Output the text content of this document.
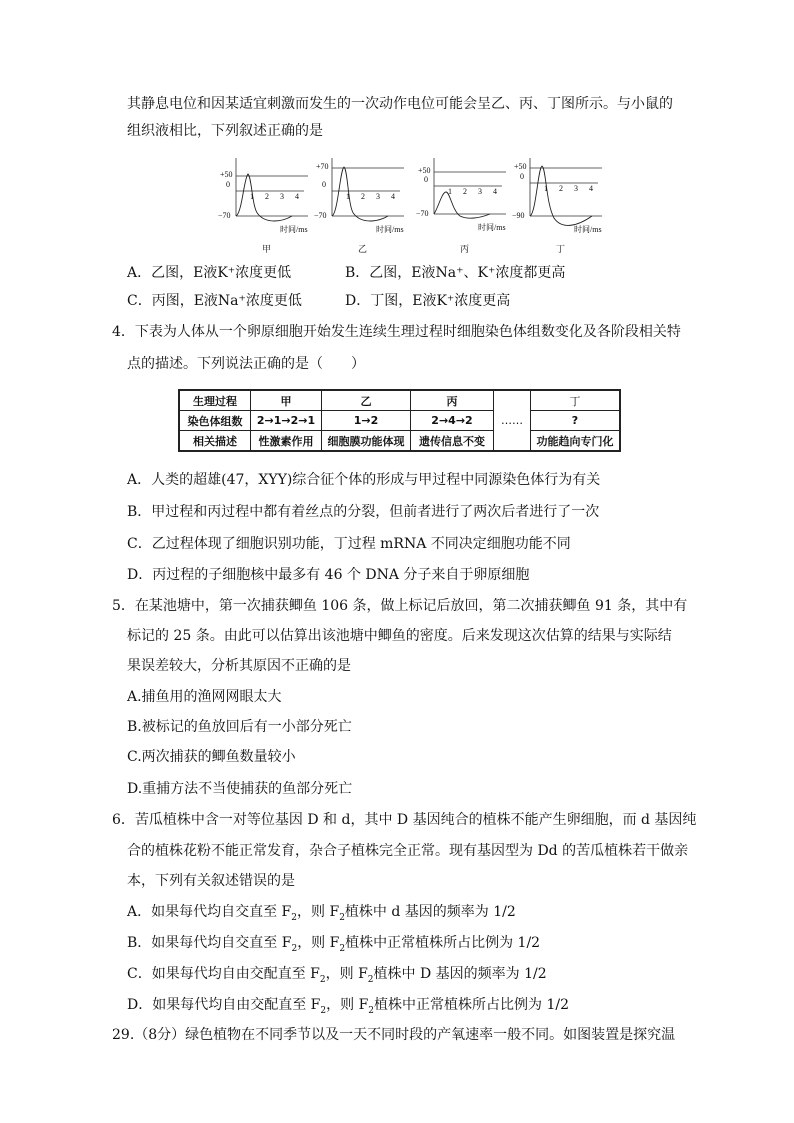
其静息电位和因某适宜刺激而发生的一次动作电位可能会呈乙、丙、丁图所示。与小鼠的
组织液相比，下列叙述正确的是
+50
0
−70
1 2 3 4
时间/ms
甲
+70
0
−70
1 2 3 4
时间/ms
乙
+50
0
−70
1 2 3 4
时间/ms
丙
+50
0
−90
1 2 3 4
时间/ms
丁
A．乙图，E液K⁺浓度更低	B．乙图，E液Na⁺、K⁺浓度都更高
C．丙图，E液Na⁺浓度更低	D．丁图，E液K⁺浓度更高
4．下表为人体从一个卵原细胞开始发生连续生理过程时细胞染色体组数变化及各阶段相关特
点的描述。下列说法正确的是（　　）
生理过程	甲	乙	丙	……	丁
染色体组数	2→1→2→1	1→2	2→4→2		?
相关描述	性激素作用	细胞膜功能体现	遗传信息不变		功能趋向专门化
A．人类的超雄(47，XYY)综合征个体的形成与甲过程中同源染色体行为有关
B．甲过程和丙过程中都有着丝点的分裂，但前者进行了两次后者进行了一次
C．乙过程体现了细胞识别功能，丁过程 mRNA 不同决定细胞功能不同
D．丙过程的子细胞核中最多有 46 个 DNA 分子来自于卵原细胞
5．在某池塘中，第一次捕获鲫鱼 106 条，做上标记后放回，第二次捕获鲫鱼 91 条，其中有
标记的 25 条。由此可以估算出该池塘中鲫鱼的密度。后来发现这次估算的结果与实际结
果误差较大，分析其原因不正确的是
A.捕鱼用的渔网网眼太大
B.被标记的鱼放回后有一小部分死亡
C.两次捕获的鲫鱼数量较小
D.重捕方法不当使捕获的鱼部分死亡
6．苦瓜植株中含一对等位基因 D 和 d，其中 D 基因纯合的植株不能产生卵细胞，而 d 基因纯
合的植株花粉不能正常发育，杂合子植株完全正常。现有基因型为 Dd 的苦瓜植株若干做亲
本，下列有关叙述错误的是
A．如果每代均自交直至 $F_2$，则 $F_2$植株中 d 基因的频率为 1/2
B．如果每代均自交直至 $F_2$，则 $F_2$植株中正常植株所占比例为 1/2
C．如果每代均自由交配直至 $F_2$，则 $F_2$植株中 D 基因的频率为 1/2
D．如果每代均自由交配直至 $F_2$，则 $F_2$植株中正常植株所占比例为 1/2
29.（8分）绿色植物在不同季节以及一天不同时段的产氧速率一般不同。如图装置是探究温
